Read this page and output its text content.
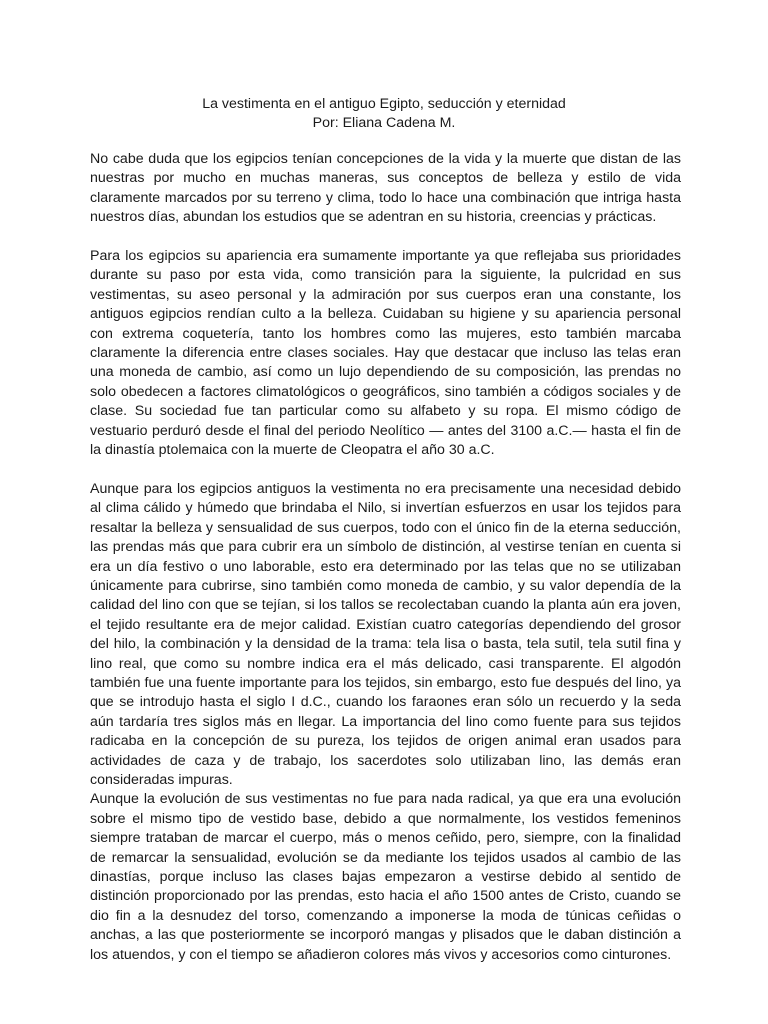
La vestimenta en el antiguo Egipto, seducción y eternidad
Por: Eliana Cadena M.

No cabe duda que los egipcios tenían concepciones de la vida y la muerte que distan de las nuestras por mucho en muchas maneras, sus conceptos de belleza y estilo de vida claramente marcados por su terreno y clima, todo lo hace una combinación que intriga hasta nuestros días, abundan los estudios que se adentran en su historia, creencias y prácticas.

Para los egipcios su apariencia era sumamente importante ya que reflejaba sus prioridades durante su paso por esta vida, como transición para la siguiente, la pulcridad en sus vestimentas, su aseo personal y la admiración por sus cuerpos eran una constante, los antiguos egipcios rendían culto a la belleza. Cuidaban su higiene y su apariencia personal con extrema coquetería, tanto los hombres como las mujeres, esto también marcaba claramente la diferencia entre clases sociales. Hay que destacar que incluso las telas eran una moneda de cambio, así como un lujo dependiendo de su composición, las prendas no solo obedecen a factores climatológicos o geográficos, sino también a códigos sociales y de clase. Su sociedad fue tan particular como su alfabeto y su ropa. El mismo código de vestuario perduró desde el final del periodo Neolítico — antes del 3100 a.C.— hasta el fin de la dinastía ptolemaica con la muerte de Cleopatra el año 30 a.C.

Aunque para los egipcios antiguos la vestimenta no era precisamente una necesidad debido al clima cálido y húmedo que brindaba el Nilo, si invertían esfuerzos en usar los tejidos para resaltar la belleza y sensualidad de sus cuerpos, todo con el único fin de la eterna seducción, las prendas más que para cubrir era un símbolo de distinción, al vestirse tenían en cuenta si era un día festivo o uno laborable, esto era determinado por las telas que no se utilizaban únicamente para cubrirse, sino también como moneda de cambio, y su valor dependía de la calidad del lino con que se tejían, si los tallos se recolectaban cuando la planta aún era joven, el tejido resultante era de mejor calidad. Existían cuatro categorías dependiendo del grosor del hilo, la combinación y la densidad de la trama: tela lisa o basta, tela sutil, tela sutil fina y lino real, que como su nombre indica era el más delicado, casi transparente. El algodón también fue una fuente importante para los tejidos, sin embargo, esto fue después del lino, ya que se introdujo hasta el siglo I d.C., cuando los faraones eran sólo un recuerdo y la seda aún tardaría tres siglos más en llegar. La importancia del lino como fuente para sus tejidos radicaba en la concepción de su pureza, los tejidos de origen animal eran usados para actividades de caza y de trabajo, los sacerdotes solo utilizaban lino, las demás eran consideradas impuras.

Aunque la evolución de sus vestimentas no fue para nada radical, ya que era una evolución sobre el mismo tipo de vestido base, debido a que normalmente, los vestidos femeninos siempre trataban de marcar el cuerpo, más o menos ceñido, pero, siempre, con la finalidad de remarcar la sensualidad, evolución se da mediante los tejidos usados al cambio de las dinastías, porque incluso las clases bajas empezaron a vestirse debido al sentido de distinción proporcionado por las prendas, esto hacia el año 1500 antes de Cristo, cuando se dio fin a la desnudez del torso, comenzando a imponerse la moda de túnicas ceñidas o anchas, a las que posteriormente se incorporó mangas y plisados que le daban distinción a los atuendos, y con el tiempo se añadieron colores más vivos y accesorios como cinturones.
